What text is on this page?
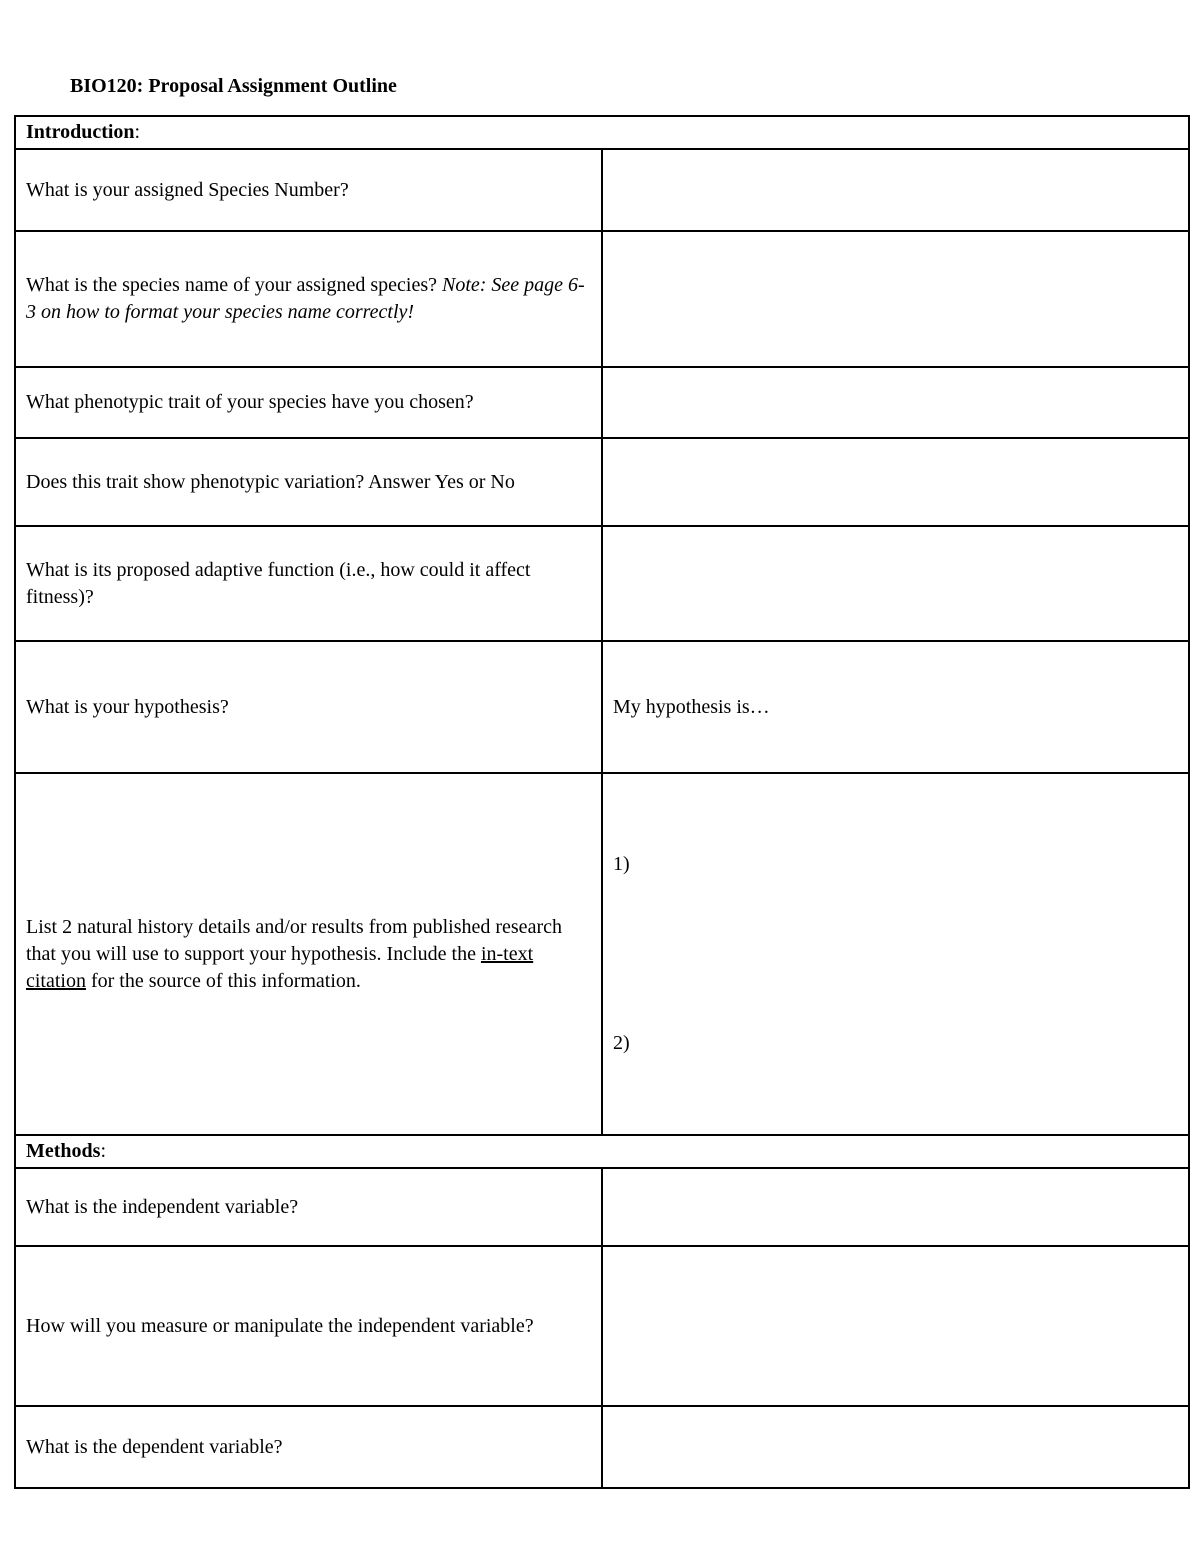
BIO120: Proposal Assignment Outline
Introduction:	
What is your assigned Species Number?	
What is the species name of your assigned species? Note: See page 6-3 on how to format your species name correctly!	
What phenotypic trait of your species have you chosen?	
Does this trait show phenotypic variation? Answer Yes or No	
What is its proposed adaptive function (i.e., how could it affect fitness)?	
What is your hypothesis?	My hypothesis is…
List 2 natural history details and/or results from published research that you will use to support your hypothesis. Include the in-text citation for the source of this information.	1)
2)

Methods:	
What is the independent variable?	
How will you measure or manipulate the independent variable?	
What is the dependent variable?	
